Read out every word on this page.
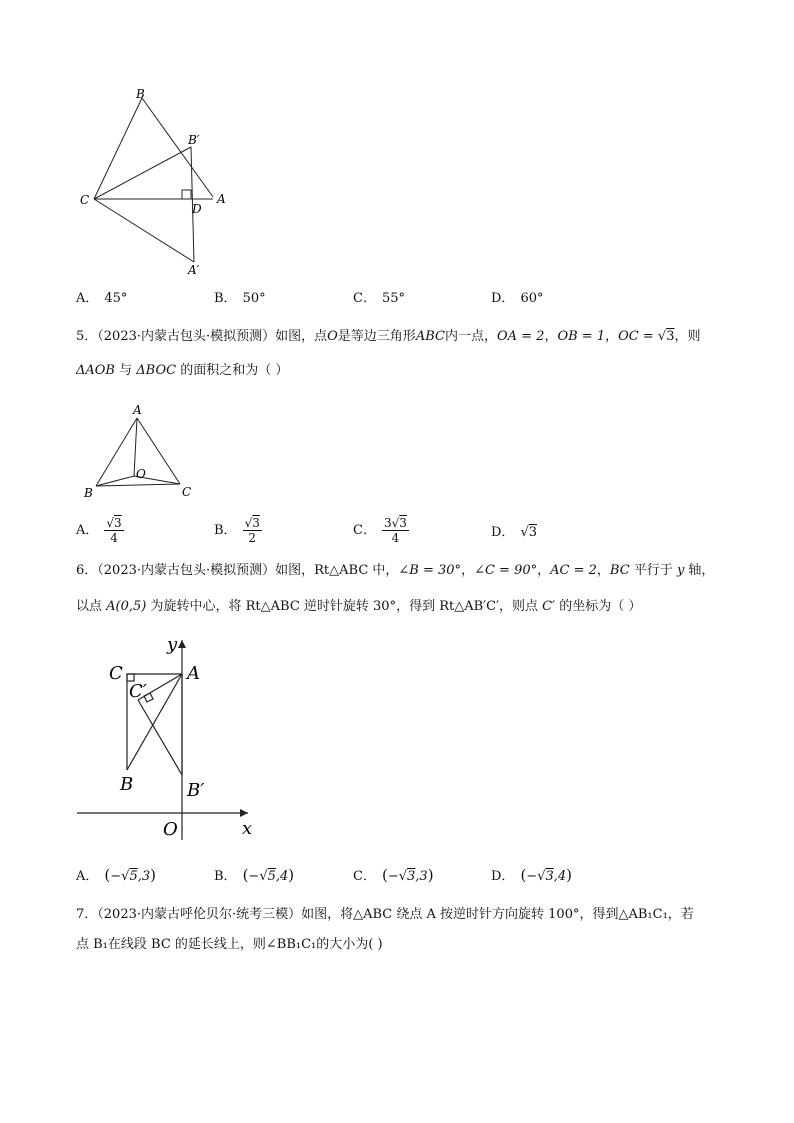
B
B′
C
D
A
A′
A． 45°	B． 50°	C． 55°	D． 60°
5．（2023·内蒙古包头·模拟预测）如图，点O是等边三角形ABC内一点，OA = 2，OB = 1，OC = √3，则
ΔAOB 与 ΔBOC 的面积之和为（ ）
A
O
B	C
A． $\frac{√3}{4}$	B． $\frac{√3}{2}$	C． $\frac{3√3}{4}$	D． √3
6．（2023·内蒙古包头·模拟预测）如图，Rt△ABC 中，∠B = 30°，∠C = 90°，AC = 2，BC 平行于 y 轴，
以点 A(0,5) 为旋转中心，将 Rt△ABC 逆时针旋转 30°，得到 Rt△AB′C′，则点 C′ 的坐标为（ ）
y
x
O
A
C
C′
B	B′
A． (−√5,3)	B． (−√5,4)	C． (−√3,3)	D． (−√3,4)
7．（2023·内蒙古呼伦贝尔·统考三模）如图，将△ABC 绕点 A 按逆时针方向旋转 100°，得到△AB₁C₁，若
点 B₁在线段 BC 的延长线上，则∠BB₁C₁的大小为( )
